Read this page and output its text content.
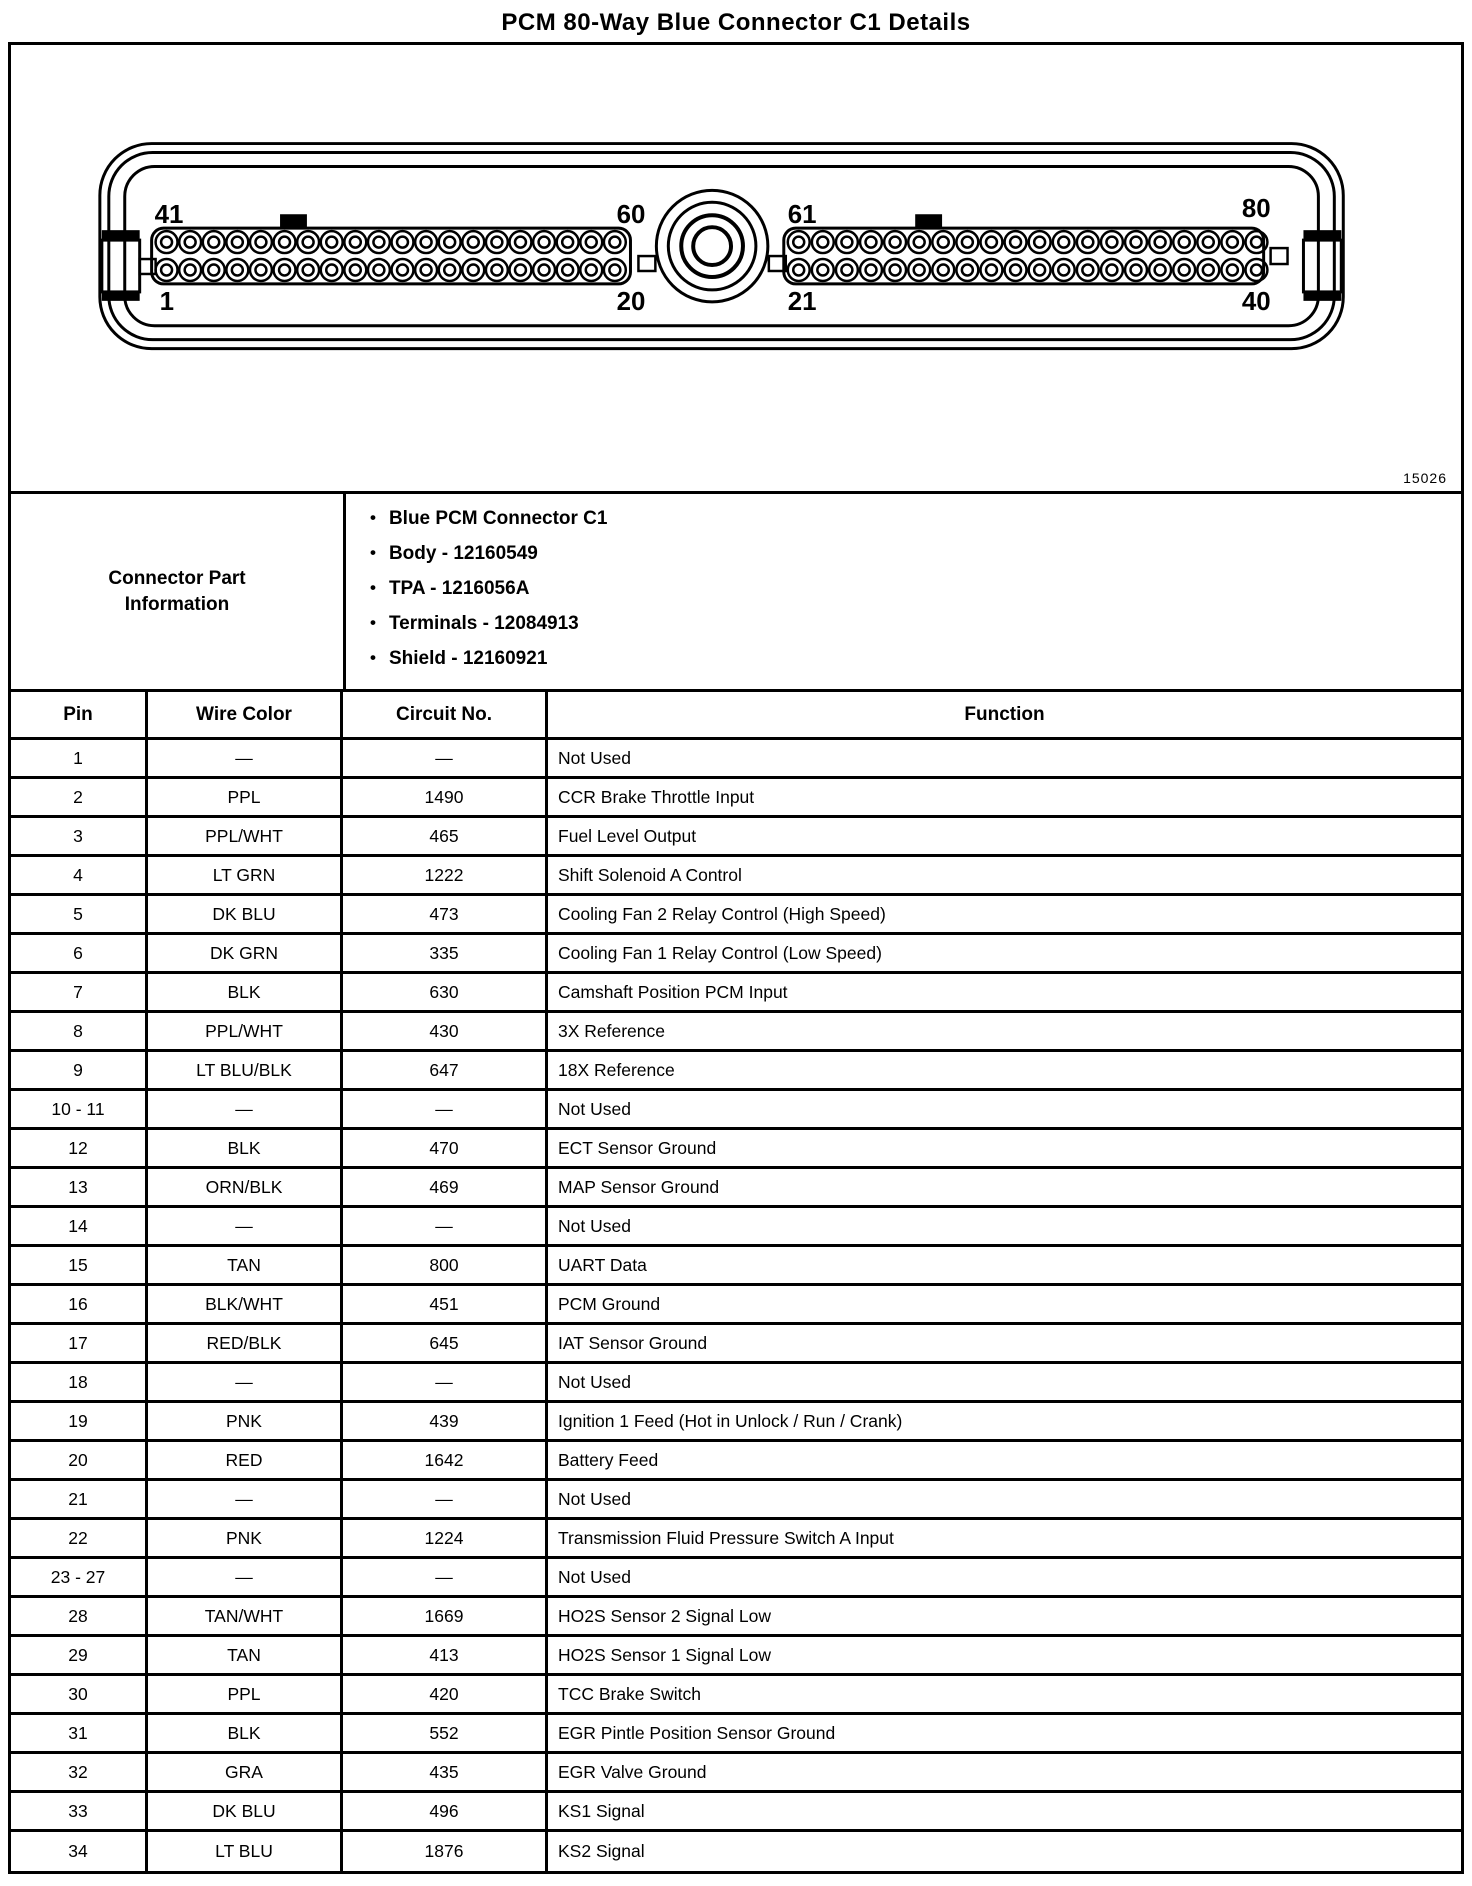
PCM 80-Way Blue Connector C1 Details
41	60
1	20
61	80
21	40
15026
Connector Part Information
• Blue PCM Connector C1
• Body - 12160549
• TPA - 1216056A
• Terminals - 12084913
• Shield - 12160921
Pin	Wire Color	Circuit No.	Function
1	—	—	Not Used
2	PPL	1490	CCR Brake Throttle Input
3	PPL/WHT	465	Fuel Level Output
4	LT GRN	1222	Shift Solenoid A Control
5	DK BLU	473	Cooling Fan 2 Relay Control (High Speed)
6	DK GRN	335	Cooling Fan 1 Relay Control (Low Speed)
7	BLK	630	Camshaft Position PCM Input
8	PPL/WHT	430	3X Reference
9	LT BLU/BLK	647	18X Reference
10 - 11	—	—	Not Used
12	BLK	470	ECT Sensor Ground
13	ORN/BLK	469	MAP Sensor Ground
14	—	—	Not Used
15	TAN	800	UART Data
16	BLK/WHT	451	PCM Ground
17	RED/BLK	645	IAT Sensor Ground
18	—	—	Not Used
19	PNK	439	Ignition 1 Feed (Hot in Unlock / Run / Crank)
20	RED	1642	Battery Feed
21	—	—	Not Used
22	PNK	1224	Transmission Fluid Pressure Switch A Input
23 - 27	—	—	Not Used
28	TAN/WHT	1669	HO2S Sensor 2 Signal Low
29	TAN	413	HO2S Sensor 1 Signal Low
30	PPL	420	TCC Brake Switch
31	BLK	552	EGR Pintle Position Sensor Ground
32	GRA	435	EGR Valve Ground
33	DK BLU	496	KS1 Signal
34	LT BLU	1876	KS2 Signal
